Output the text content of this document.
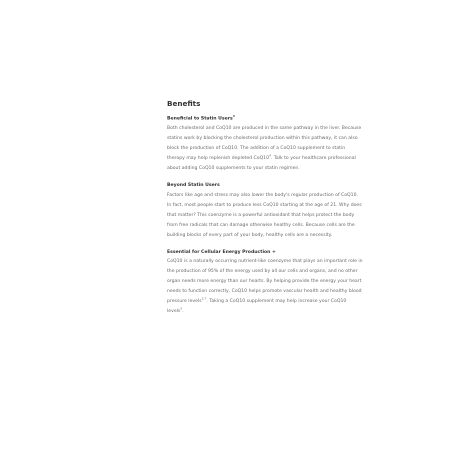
Benefits
Beneficial to Statin Users$^3$

Both cholesterol and CoQ10 are produced in the same pathway in the liver. Because statins work by blocking the cholesterol production within this pathway, it can also block the production of CoQ10. The addition of a CoQ10 supplement to statin therapy may help replenish depleted $CoQ10^4$. Talk to your healthcare professional about adding CoQ10 supplements to your statin regimen.

Beyond Statin Users

Factors like age and stress may also lower the body's regular production of CoQ10. In fact, most people start to produce less CoQ10 starting at the age of 21. Why does that matter? This coenzyme is a powerful antioxidant that helps protect the body from free radicals that can damage otherwise healthy cells. Because cells are the building blocks of every part of your body, healthy cells are a necessity.

Essential for Cellular Energy Production +

CoQ10 is a naturally occurring nutrient-like coenzyme that plays an important role in the production of 95% of the energy used by all our cells and organs, and no other organ needs more energy than our hearts. By helping provide the energy your heart needs to function correctly, CoQ10 helps promote vascular health and healthy blood pressure levels$^{2,7}$. Taking a CoQ10 supplement may help increase your CoQ10 levels$^5$.
